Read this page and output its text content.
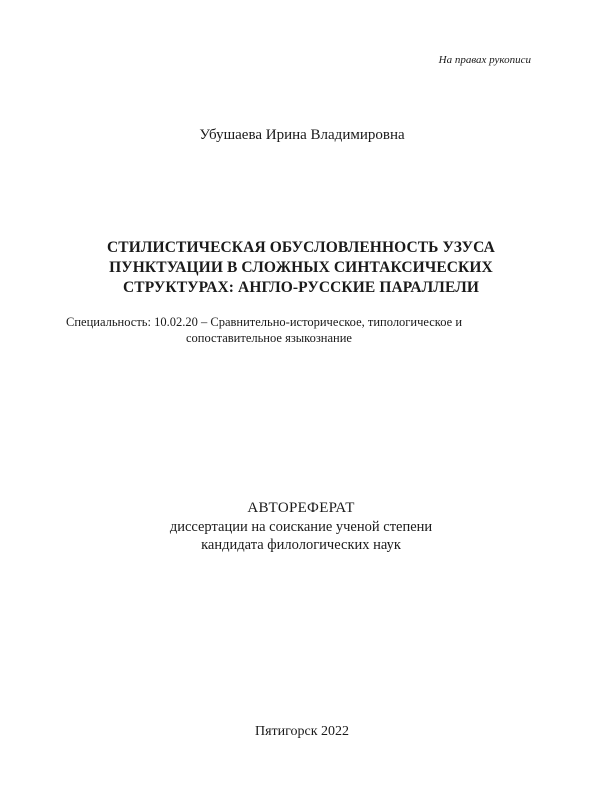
На правах рукописи
Убушаева Ирина Владимировна
СТИЛИСТИЧЕСКАЯ ОБУСЛОВЛЕННОСТЬ УЗУСА
ПУНКТУАЦИИ В СЛОЖНЫХ СИНТАКСИЧЕСКИХ
СТРУКТУРАХ: АНГЛО-РУССКИЕ ПАРАЛЛЕЛИ
Специальность: 10.02.20 – Сравнительно-историческое, типологическое и
сопоставительное языкознание
АВТОРЕФЕРАТ
диссертации на соискание ученой степени
кандидата филологических наук
Пятигорск 2022
